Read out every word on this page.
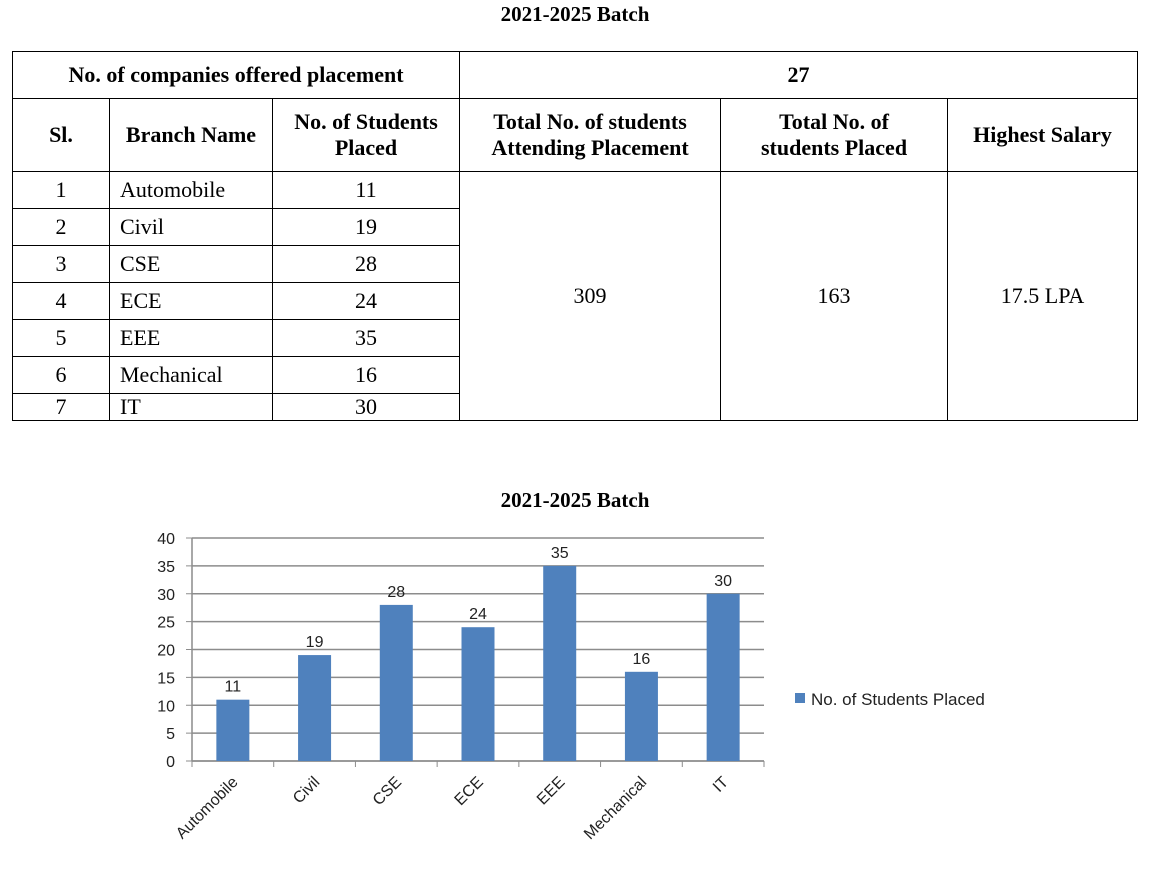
2021-2025 Batch
No. of companies offered placement			27		
Sl.	Branch Name	No. of Students Placed	Total No. of students Attending Placement	Total No. of students Placed	Highest Salary
1	Automobile	11	309	163	17.5 LPA
2	Civil	19			
3	CSE	28			
4	ECE	24			
5	EEE	35			
6	Mechanical	16			
7	IT	30			
2021-2025 Batch
0
5
10
15
20
25
30
35
40
11
Automobile
19
Civil
28
CSE
24
ECE
35
EEE
16
Mechanical
30
IT
No. of Students Placed
